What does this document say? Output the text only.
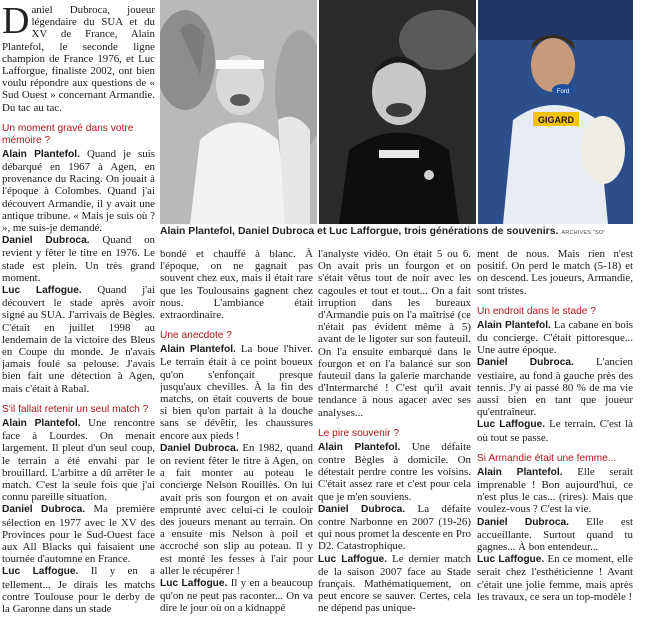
Daniel Dubroca, joueur légendaire du SUA et du XV de France, Alain Plantefol, le seconde ligne champion de France 1976, et Luc Lafforgue, finaliste 2002, ont bien voulu répondre aux questions de « Sud Ouest » concernant Armandie. Du tac au tac.

Un moment gravé dans votre mémoire ?

Alain Plantefol. Quand je suis débarqué en 1967 à Agen, en provenance du Racing. On jouait à l'époque à Colombes. Quand j'ai découvert Armandie, il y avait une antique tribune. « Mais je suis où ? », me suis-je demandé.

Daniel Dubroca. Quand on revient y fêter le titre en 1976. Le stade est plein. Un très grand moment.

Luc Laffogue. Quand j'ai découvert le stade après avoir signé au SUA. J'arrivais de Bègles. C'était en juillet 1998 au lendemain de la victoire des Bleus en Coupe du monde. Je n'avais jamais foulé sa pelouse. J'avais bien fait une détection à Agen, mais c'était à Rabal.

S'il fallait retenir un seul match ?

Alain Plantefol. Une rencontre face à Lourdes. On menait largement. Il pleut d'un seul coup, le terrain a été envahi par le brouillard. L'arbitre a dû arrêter le match. C'est la seule fois que j'ai connu pareille situation.

Daniel Dubroca. Ma première sélection en 1977 avec le XV des Provinces pour le Sud-Ouest face aux All Blacks qui faisaient une tournée d'automne en France.

Luc Laffogue. Il y en a tellement... Je dirais les matchs contre Toulouse pour le derby de la Garonne dans un stade

GIGARD
Ford
Alain Plantefol, Daniel Dubroca et Luc Lafforgue, trois générations de souvenirs. ARCHIVES "SO"

bondé et chauffé à blanc. À l'époque, on ne gagnait pas souvent chez eux, mais il était rare que les Toulousains gagnent chez nous. L'ambiance était extraordinaire.

Une anecdote ?

Alain Plantefol. La boue l'hiver. Le terrain était à ce point boueux qu'on s'enfonçait presque jusqu'aux chevilles. À la fin des matchs, on était couverts de boue si bien qu'on partait à la douche sans se dévêtir, les chaussures encore aux pieds !

Daniel Dubroca. En 1982, quand on revient fêter le titre à Agen, on a fait monter au poteau le concierge Nelson Rouillès. On lui avait pris son fourgon et on avait emprunté avec celui-ci le couloir des joueurs menant au terrain. On a ensuite mis Nelson à poil et accroché son slip au poteau. Il y est monté les fesses à l'air pour aller le récupérer !

Luc Laffogue. Il y en a beaucoup qu'on ne peut pas raconter... On va dire le jour où on a kidnappé

l'analyste vidéo. On était 5 ou 6. On avait pris un fourgon et on s'était vêtus tout de noir avec les cagoules et tout et tout... On a fait irruption dans les bureaux d'Armandie puis on l'a maîtrisé (ce n'était pas évident même à 5) avant de le ligoter sur son fauteuil. On l'a ensuite embarqué dans le fourgon et on l'a balancé sur son fauteuil dans la galerie marchande d'Intermarché ! C'est qu'il avait tendance à nous agacer avec ses analyses...

Le pire souvenir ?

Alain Plantefol. Une défaite contre Bègles à domicile. On détestait perdre contre les voisins. C'était assez rare et c'est pour cela que je m'en souviens.

Daniel Dubroca. La défaite contre Narbonne en 2007 (19-26) qui nous promet la descente en Pro D2. Catastrophique.

Luc Laffogue. Le dernier match de la saison 2007 face au Stade français. Mathématiquement, on peut encore se sauver. Certes, cela ne dépend pas unique-

ment de nous. Mais rien n'est positif. On perd le match (5-18) et on descend. Les joueurs, Armandie, sont tristes.

Un endroit dans le stade ?

Alain Plantefol. La cabane en bois du concierge. C'était pittoresque... Une autre époque.

Daniel Dubroca. L'ancien vestiaire, au fond à gauche près des tennis. J'y ai passé 80 % de ma vie aussi bien en tant que joueur qu'entraîneur.

Luc Laffogue. Le terrain. C'est là où tout se passe.

Si Armandie était une femme...

Alain Plantefol. Elle serait imprenable ! Bon aujourd'hui, ce n'est plus le cas... (rires). Mais que voulez-vous ? C'est la vie.

Daniel Dubroca. Elle est accueillante. Surtout quand tu gagnes... À bon entendeur...

Luc Laffogue. En ce moment, elle serait chez l'esthéticienne ! Avant c'était une jolie femme, mais après les travaux, ce sera un top-modèle !
